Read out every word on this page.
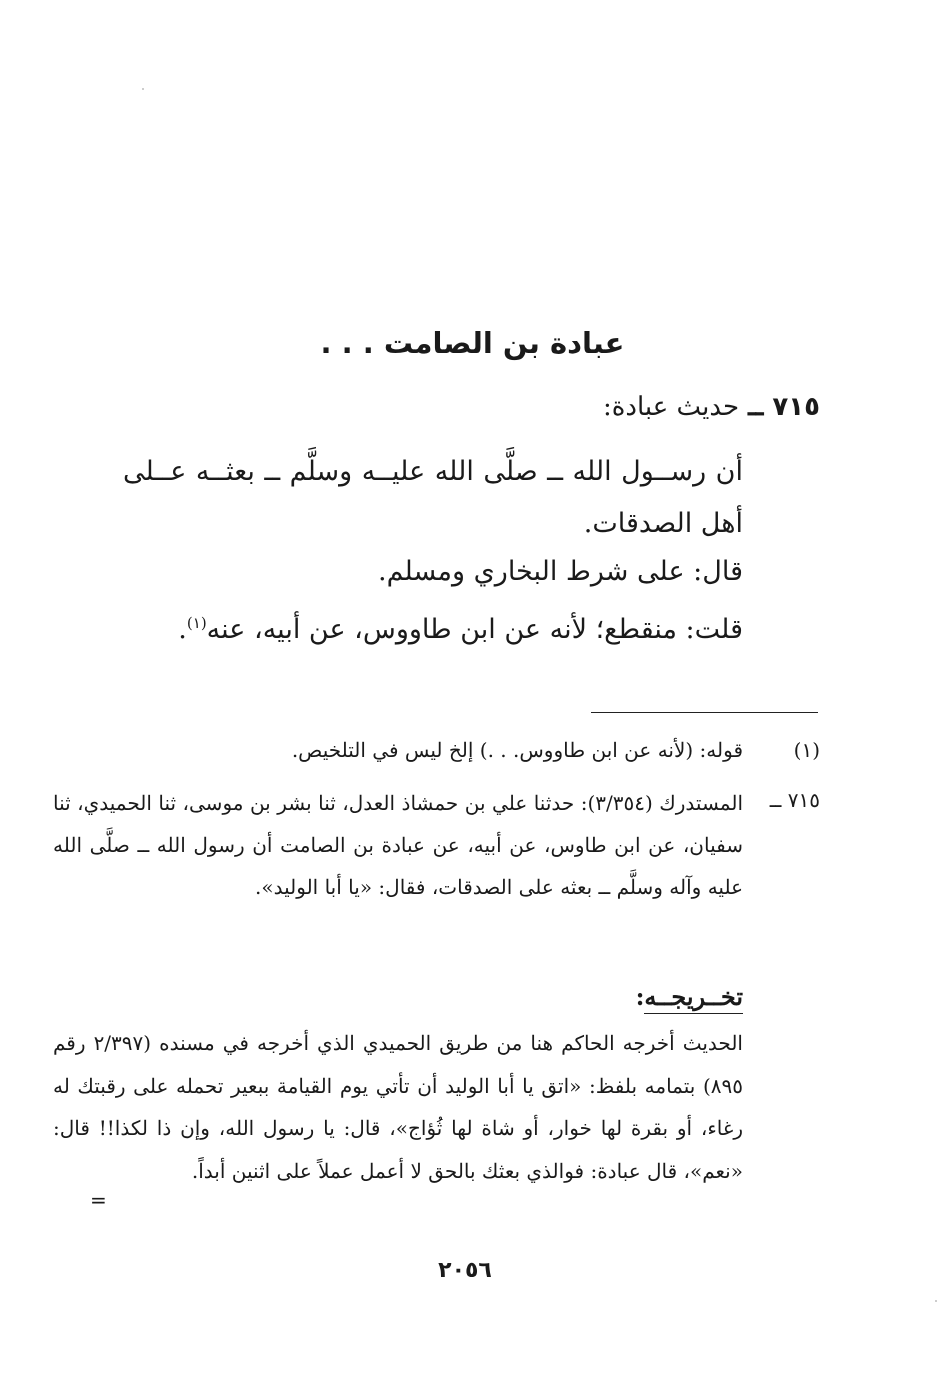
عبادة بن الصامت . . .
٧١٥ ــ حديث عبادة:
أن رســول الله ــ صلَّى الله عليــه وسلَّم ــ بعثــه عــلى أهل الصدقات.
قال: على شرط البخاري ومسلم.
قلت: منقطع؛ لأنه عن ابن طاووس، عن أبيه، عنه$^{(١)}$.
(١)
قوله: (لأنه عن ابن طاووس. . .) إلخ ليس في التلخيص.
٧١٥ ــ
المستدرك (٣/٣٥٤): حدثنا علي بن حمشاذ العدل، ثنا بشر بن موسى، ثنا الحميدي، ثنا سفيان، عن ابن طاوس، عن أبيه، عن عبادة بن الصامت أن رسول الله ــ صلَّى الله عليه وآله وسلَّم ــ بعثه على الصدقات، فقال: «يا أبا الوليد».
تخــريجــه:
الحديث أخرجه الحاكم هنا من طريق الحميدي الذي أخرجه في مسنده (٢/٣٩٧ رقم ٨٩٥) بتمامه بلفظ: «اتق يا أبا الوليد أن تأتي يوم القيامة ببعير تحمله على رقبتك له رغاء، أو بقرة لها خوار، أو شاة لها ثُؤاج»، قال: يا رسول الله، وإن ذا لكذا!! قال: «نعم»، قال عبادة: فوالذي بعثك بالحق لا أعمل عملاً على اثنين أبداً.
=
٢٠٥٦
